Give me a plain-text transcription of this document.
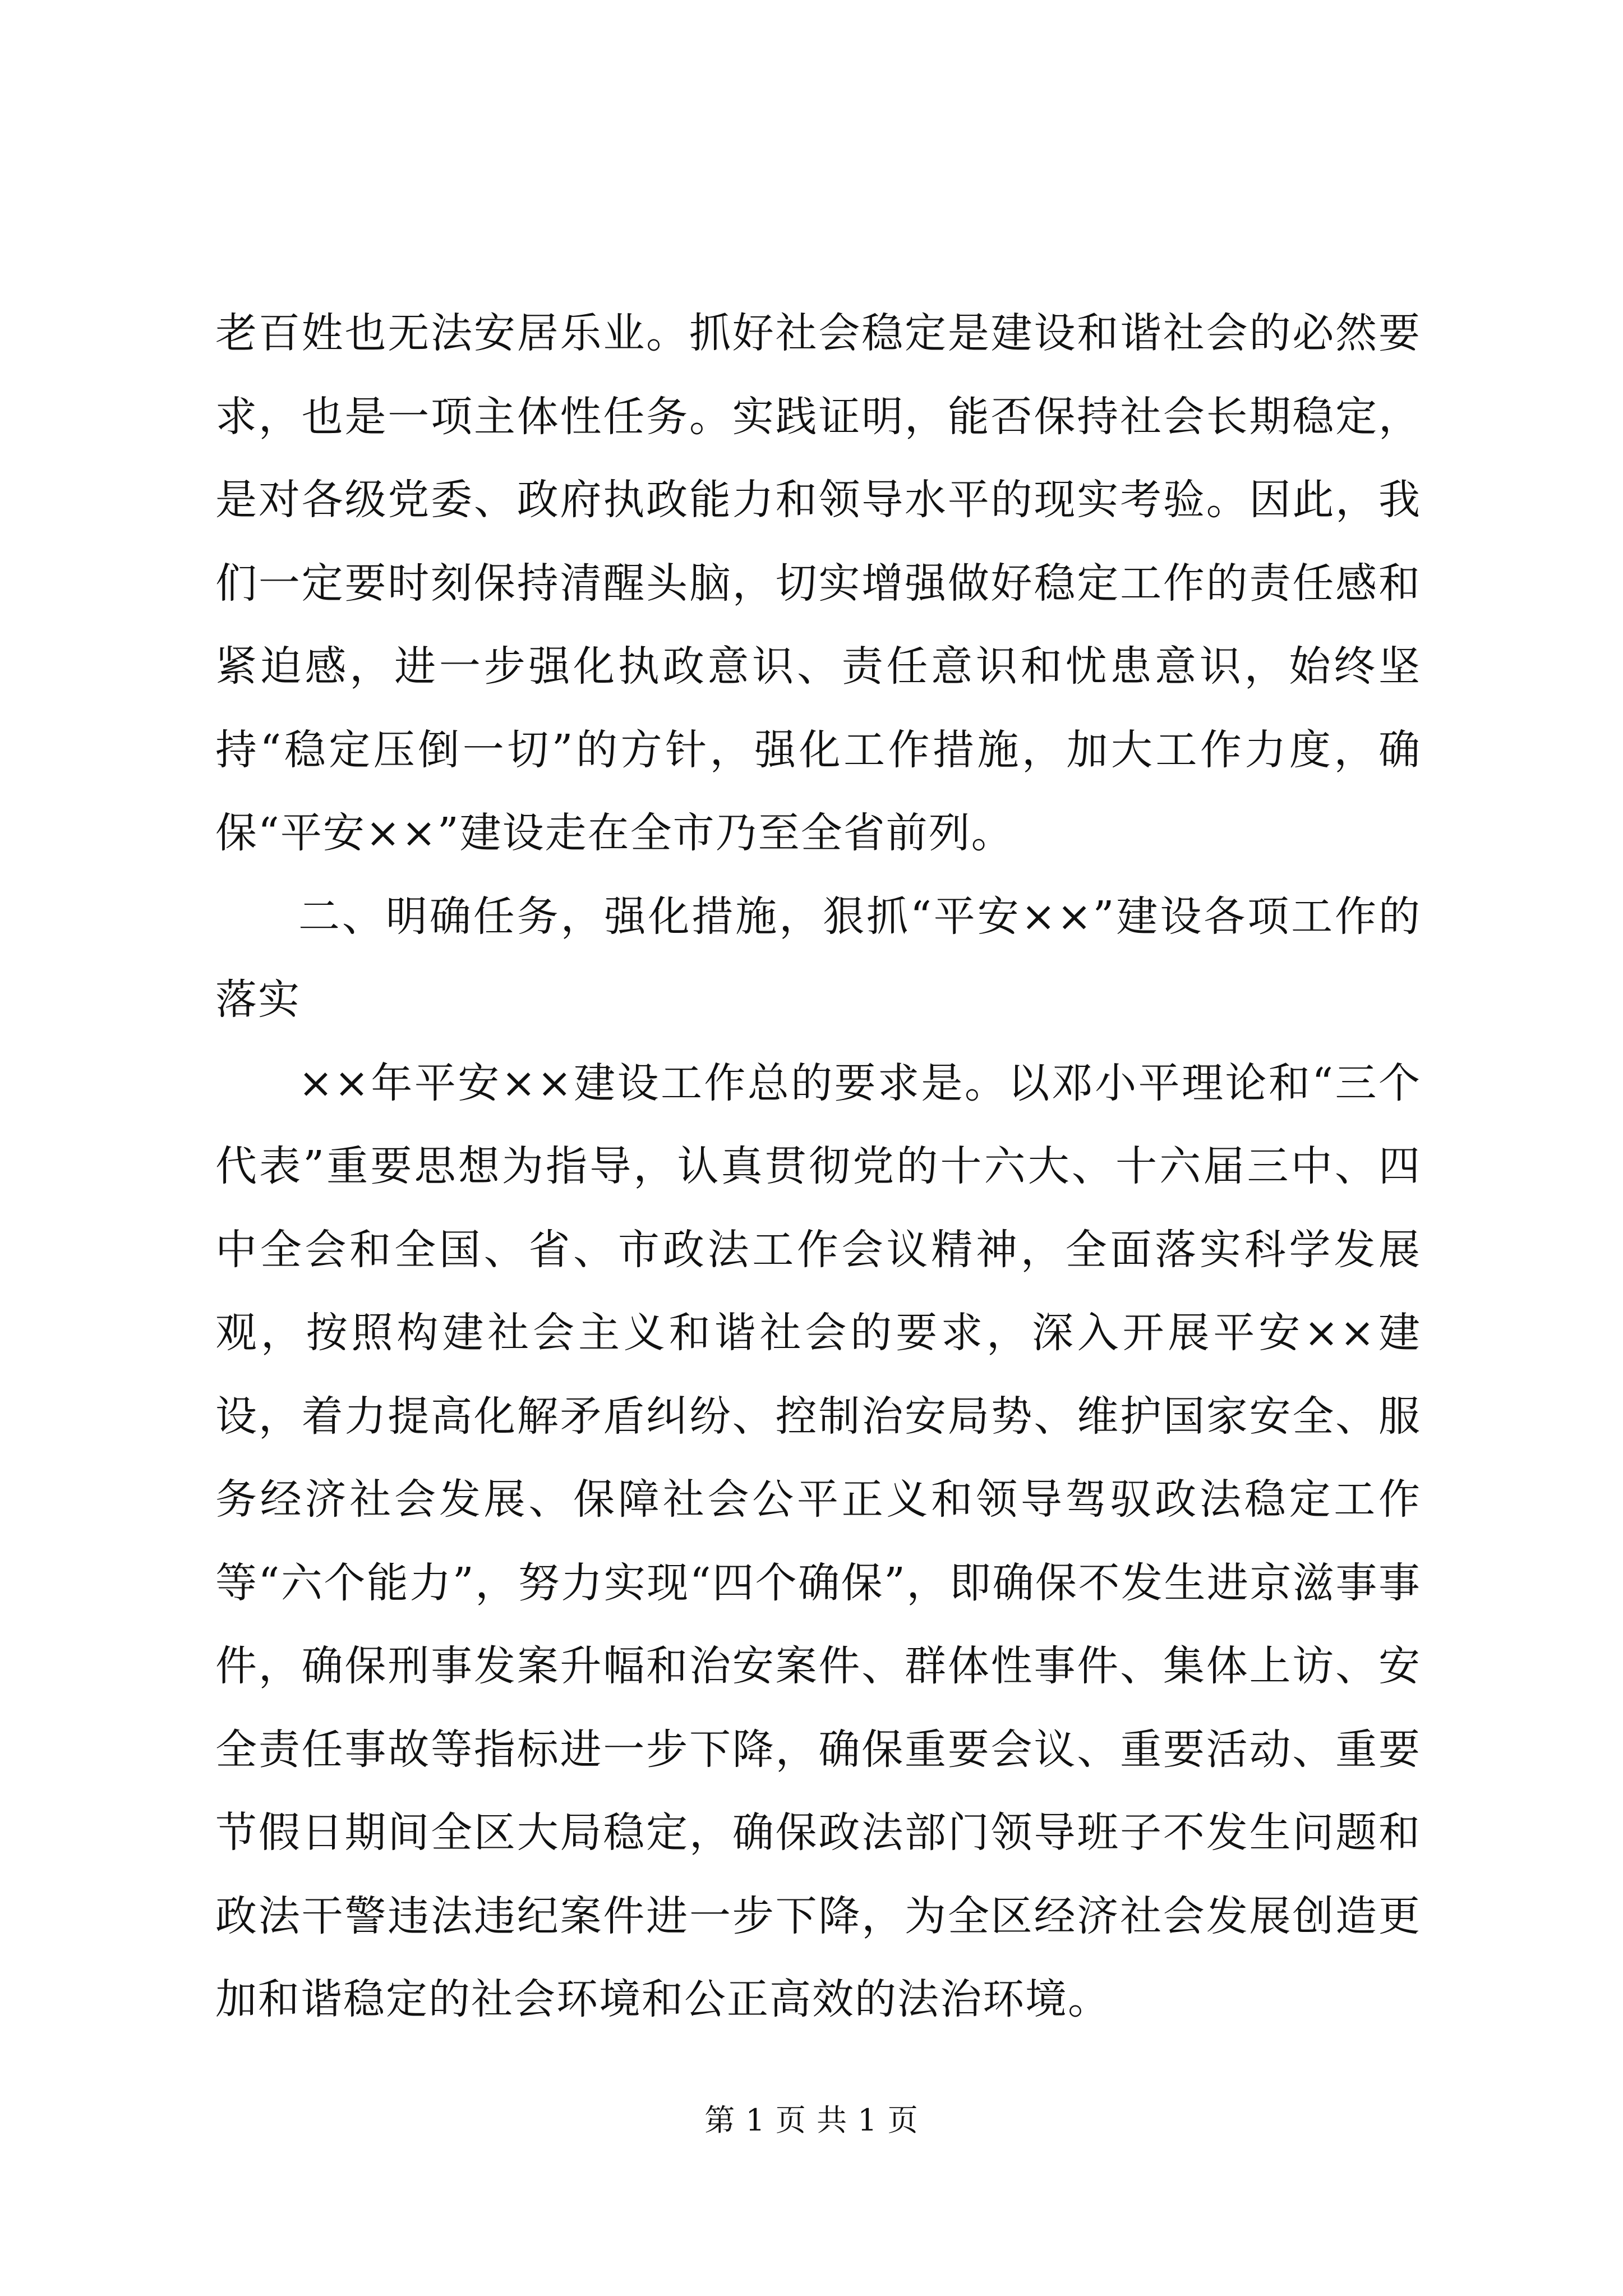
老百姓也无法安居乐业。抓好社会稳定是建设和谐社会的必然要求，也是一项主体性任务。实践证明，能否保持社会长期稳定，是对各级党委、政府执政能力和领导水平的现实考验。因此，我们一定要时刻保持清醒头脑，切实增强做好稳定工作的责任感和紧迫感，进一步强化执政意识、责任意识和忧患意识，始终坚持“稳定压倒一切”的方针，强化工作措施，加大工作力度，确保“平安××”建设走在全市乃至全省前列。

二、明确任务，强化措施，狠抓“平安××”建设各项工作的落实

××年平安××建设工作总的要求是。以邓小平理论和“三个代表”重要思想为指导，认真贯彻党的十六大、十六届三中、四中全会和全国、省、市政法工作会议精神，全面落实科学发展观，按照构建社会主义和谐社会的要求，深入开展平安××建设，着力提高化解矛盾纠纷、控制治安局势、维护国家安全、服务经济社会发展、保障社会公平正义和领导驾驭政法稳定工作等“六个能力”，努力实现“四个确保”，即确保不发生进京滋事事件，确保刑事发案升幅和治安案件、群体性事件、集体上访、安全责任事故等指标进一步下降，确保重要会议、重要活动、重要节假日期间全区大局稳定，确保政法部门领导班子不发生问题和政法干警违法违纪案件进一步下降，为全区经济社会发展创造更加和谐稳定的社会环境和公正高效的法治环境。

第 1 页 共 1 页
